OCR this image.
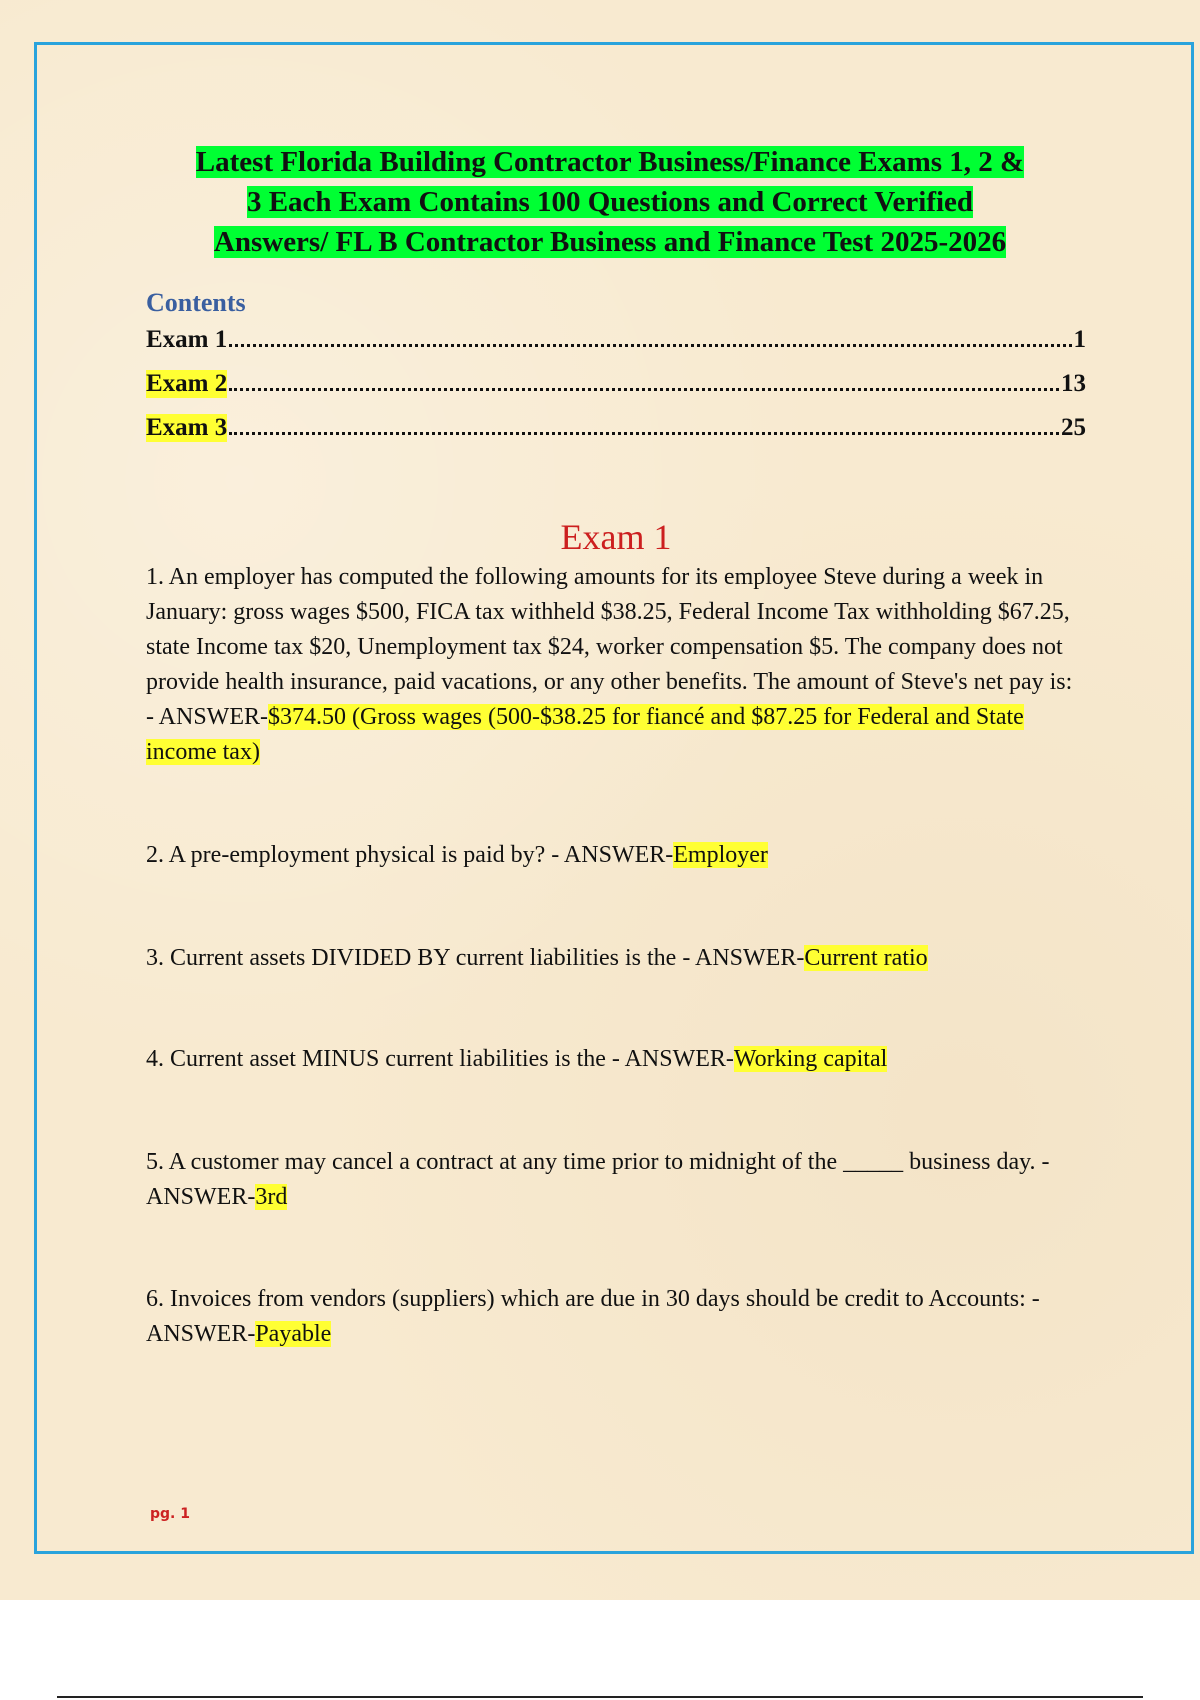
Latest Florida Building Contractor Business/Finance Exams 1, 2 &
3 Each Exam Contains 100 Questions and Correct Verified
Answers/ FL B Contractor Business and Finance Test 2025-2026
Contents
Exam 1	1
Exam 2	13
Exam 3	25
Exam 1
1. An employer has computed the following amounts for its employee Steve during a week in January: gross wages $500, FICA tax withheld $38.25, Federal Income Tax withholding $67.25, state Income tax $20, Unemployment tax $24, worker compensation $5. The company does not provide health insurance, paid vacations, or any other benefits. The amount of Steve's net pay is: - ANSWER-$374.50 (Gross wages (500-$38.25 for fiancé and $87.25 for Federal and State income tax)
2. A pre-employment physical is paid by? - ANSWER-Employer
3. Current assets DIVIDED BY current liabilities is the - ANSWER-Current ratio
4. Current asset MINUS current liabilities is the - ANSWER-Working capital
5. A customer may cancel a contract at any time prior to midnight of the _____ business day. - ANSWER-3rd
6. Invoices from vendors (suppliers) which are due in 30 days should be credit to Accounts: - ANSWER-Payable
pg. 1
